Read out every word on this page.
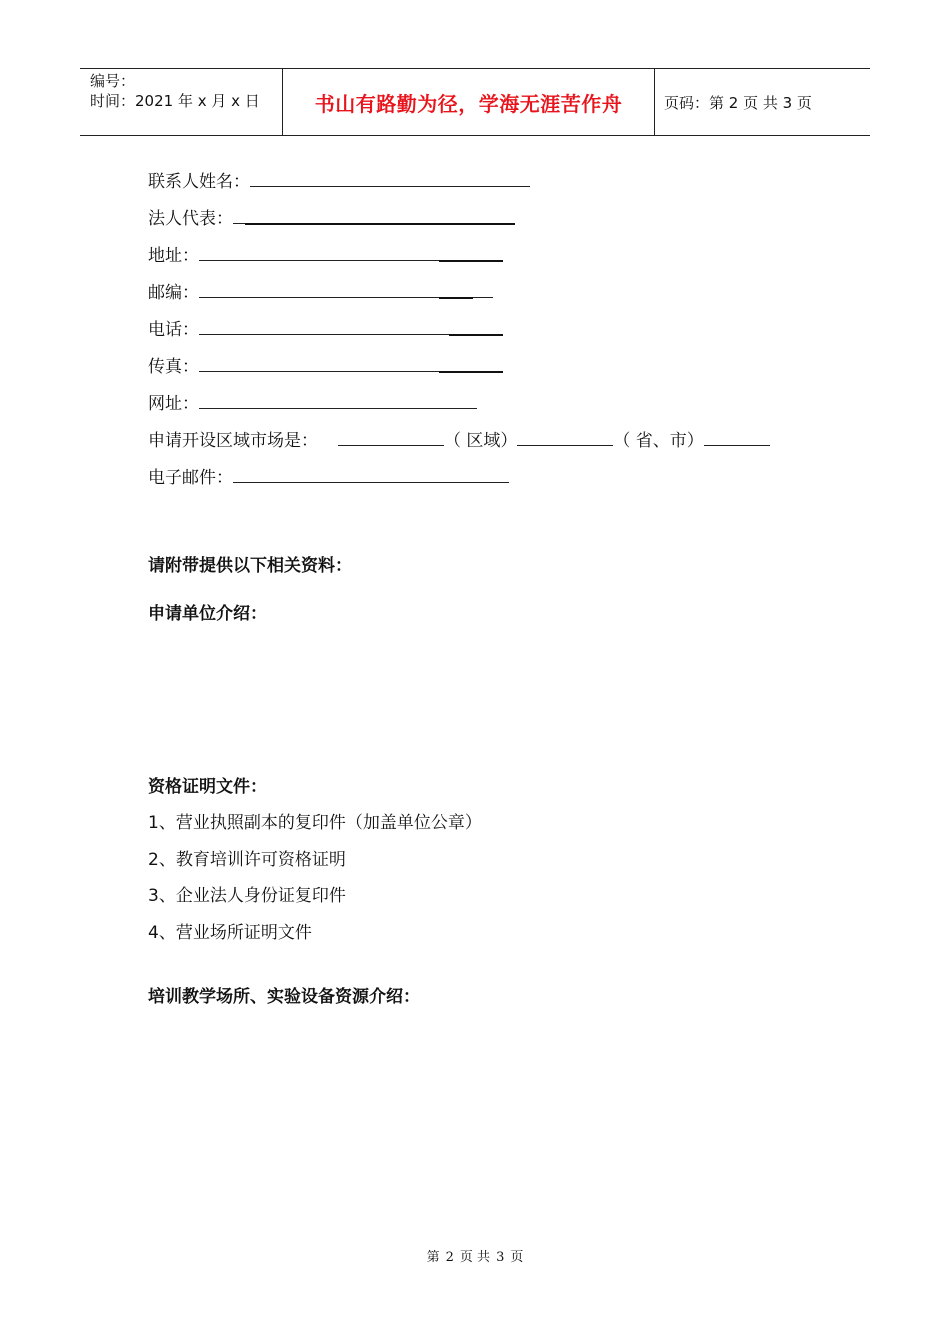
编号：
时间：2021 年 x 月 x 日	书山有路勤为径，学海无涯苦作舟	页码：第 2 页 共 3 页
联系人姓名：
法人代表：
地址：
邮编：
电话：
传真：
网址：
申请开设区域市场是：	（ 区域）	（ 省、市）
电子邮件：
请附带提供以下相关资料：
申请单位介绍：
资格证明文件：
1、营业执照副本的复印件（加盖单位公章）
2、教育培训许可资格证明
3、企业法人身份证复印件
4、营业场所证明文件
培训教学场所、实验设备资源介绍：
第 2 页 共 3 页
